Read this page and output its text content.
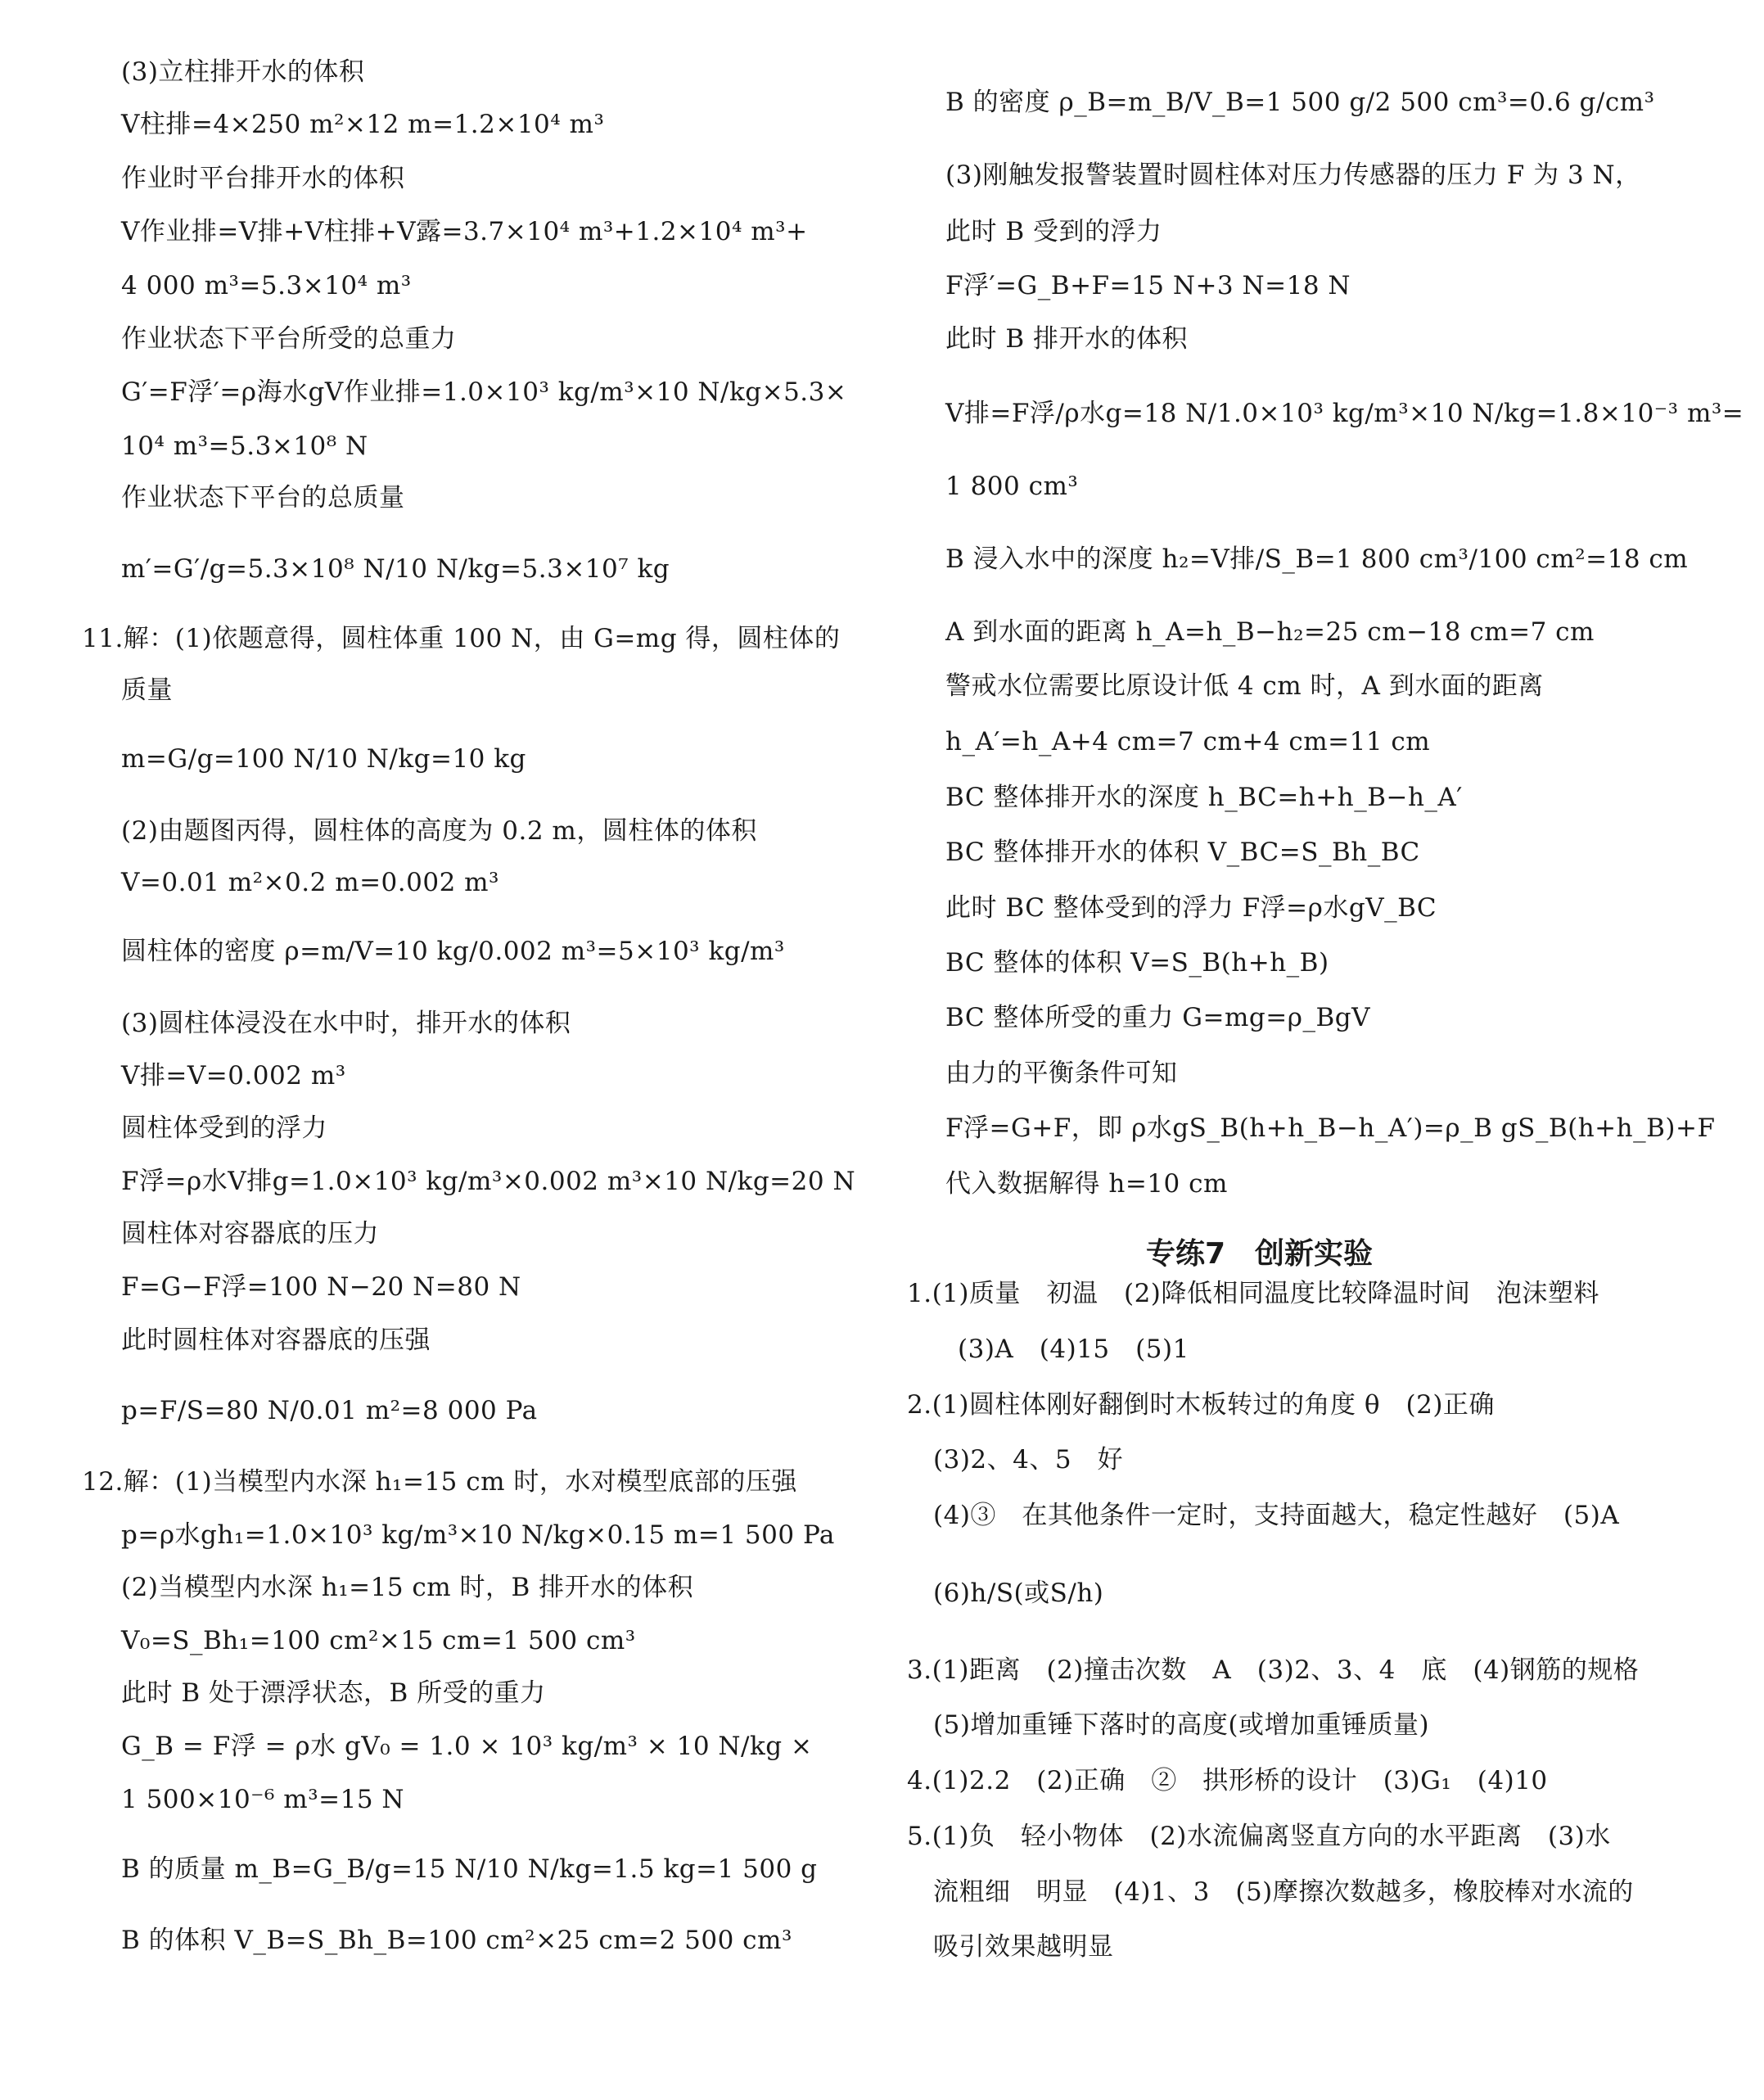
(3)立柱排开水的体积
V柱排=4×250 m²×12 m=1.2×10⁴ m³
作业时平台排开水的体积
V作业排=V排+V柱排+V露=3.7×10⁴ m³+1.2×10⁴ m³+
4 000 m³=5.3×10⁴ m³
作业状态下平台所受的总重力
G′=F浮′=ρ海水gV作业排=1.0×10³ kg/m³×10 N/kg×5.3×
10⁴ m³=5.3×10⁸ N
作业状态下平台的总质量
m′=G′/g=5.3×10⁸ N/10 N/kg=5.3×10⁷ kg
11.解：(1)依题意得，圆柱体重 100 N，由 G=mg 得，圆柱体的
质量
m=G/g=100 N/10 N/kg=10 kg
(2)由题图丙得，圆柱体的高度为 0.2 m，圆柱体的体积
V=0.01 m²×0.2 m=0.002 m³
圆柱体的密度 ρ=m/V=10 kg/0.002 m³=5×10³ kg/m³
(3)圆柱体浸没在水中时，排开水的体积
V排=V=0.002 m³
圆柱体受到的浮力
F浮=ρ水V排g=1.0×10³ kg/m³×0.002 m³×10 N/kg=20 N
圆柱体对容器底的压力
F=G−F浮=100 N−20 N=80 N
此时圆柱体对容器底的压强
p=F/S=80 N/0.01 m²=8 000 Pa
12.解：(1)当模型内水深 h₁=15 cm 时，水对模型底部的压强
p=ρ水gh₁=1.0×10³ kg/m³×10 N/kg×0.15 m=1 500 Pa
(2)当模型内水深 h₁=15 cm 时，B 排开水的体积
V₀=S_Bh₁=100 cm²×15 cm=1 500 cm³
此时 B 处于漂浮状态，B 所受的重力
G_B = F浮 = ρ水 gV₀ = 1.0 × 10³ kg/m³ × 10 N/kg ×
1 500×10⁻⁶ m³=15 N
B 的质量 m_B=G_B/g=15 N/10 N/kg=1.5 kg=1 500 g
B 的体积 V_B=S_Bh_B=100 cm²×25 cm=2 500 cm³
专练7　创新实验
B 的密度 ρ_B=m_B/V_B=1 500 g/2 500 cm³=0.6 g/cm³
(3)刚触发报警装置时圆柱体对压力传感器的压力 F 为 3 N，
此时 B 受到的浮力
F浮′=G_B+F=15 N+3 N=18 N
此时 B 排开水的体积
V排=F浮/ρ水g=18 N/1.0×10³ kg/m³×10 N/kg=1.8×10⁻³ m³=
1 800 cm³
B 浸入水中的深度 h₂=V排/S_B=1 800 cm³/100 cm²=18 cm
A 到水面的距离 h_A=h_B−h₂=25 cm−18 cm=7 cm
警戒水位需要比原设计低 4 cm 时，A 到水面的距离
h_A′=h_A+4 cm=7 cm+4 cm=11 cm
BC 整体排开水的深度 h_BC=h+h_B−h_A′
BC 整体排开水的体积 V_BC=S_Bh_BC
此时 BC 整体受到的浮力 F浮=ρ水gV_BC
BC 整体的体积 V=S_B(h+h_B)
BC 整体所受的重力 G=mg=ρ_BgV
由力的平衡条件可知
F浮=G+F，即 ρ水gS_B(h+h_B−h_A′)=ρ_B gS_B(h+h_B)+F
代入数据解得 h=10 cm
1.(1)质量　初温　(2)降低相同温度比较降温时间　泡沫塑料
(3)A　(4)15　(5)1
2.(1)圆柱体刚好翻倒时木板转过的角度 θ　(2)正确
(3)2、4、5　好
(4)③　在其他条件一定时，支持面越大，稳定性越好　(5)A
(6)h/S(或S/h)
3.(1)距离　(2)撞击次数　A　(3)2、3、4　底　(4)钢筋的规格
(5)增加重锤下落时的高度(或增加重锤质量)
4.(1)2.2　(2)正确　②　拱形桥的设计　(3)G₁　(4)10
5.(1)负　轻小物体　(2)水流偏离竖直方向的水平距离　(3)水
流粗细　明显　(4)1、3　(5)摩擦次数越多，橡胶棒对水流的
吸引效果越明显
